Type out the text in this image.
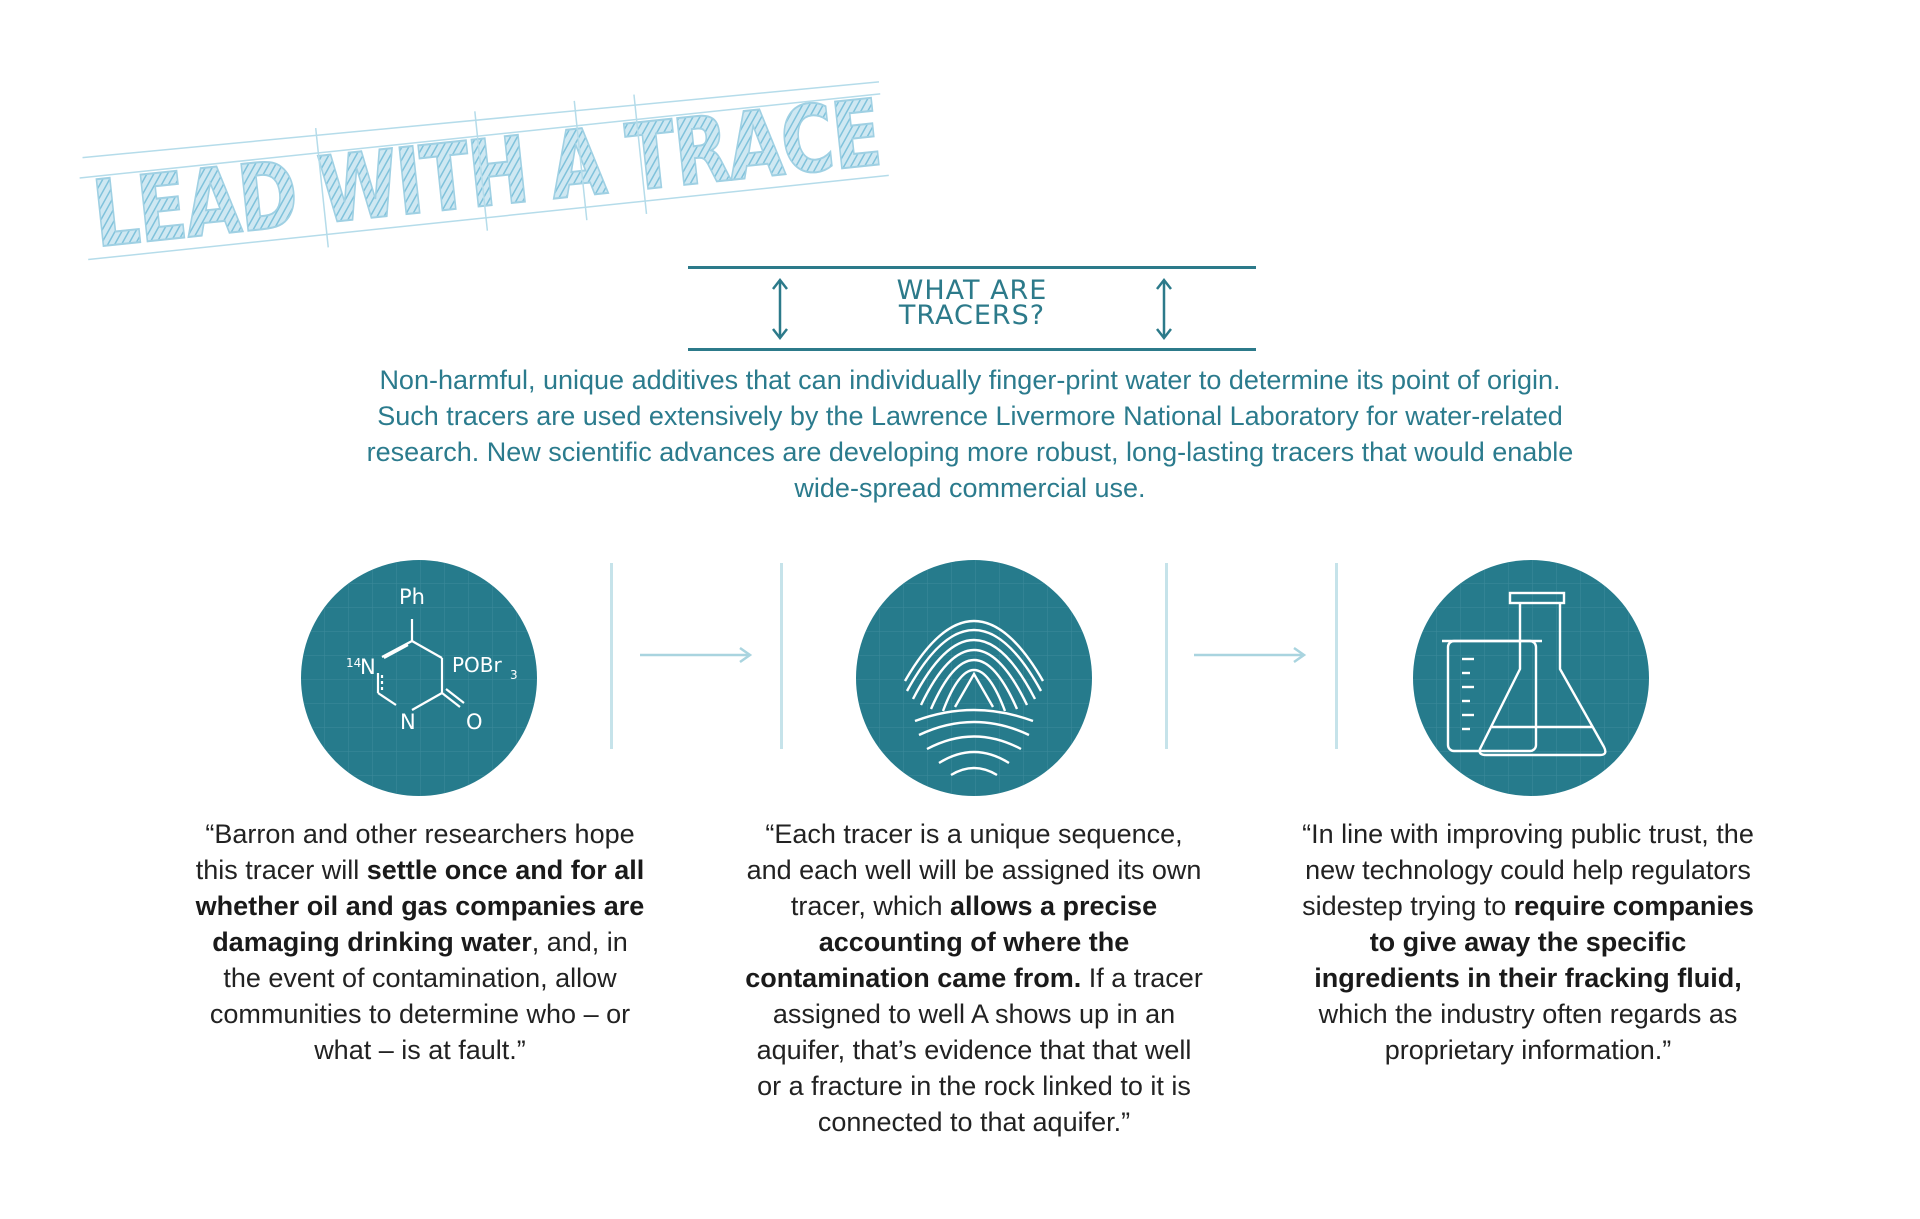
LEAD WITH A TRACE
WHAT ARE
TRACERS?
Non-harmful, unique additives that can individually finger-print water to determine its point of origin.
Such tracers are used extensively by the Lawrence Livermore National Laboratory for water-related
research. New scientific advances are developing more robust, long-lasting tracers that would enable
wide-spread commercial use.
Ph
14
N	POBr 3
N O
“Barron and other researchers hope this tracer will settle once and for all whether oil and gas companies are damaging drinking water, and, in the event of contamination, allow communities to determine who – or what – is at fault.”
“Each tracer is a unique sequence, and each well will be assigned its own tracer, which allows a precise accounting of where the contamination came from. If a tracer assigned to well A shows up in an aquifer, that’s evidence that that well or a fracture in the rock linked to it is connected to that aquifer.”
“In line with improving public trust, the new technology could help regulators sidestep trying to require companies to give away the specific ingredients in their fracking fluid, which the industry often regards as proprietary information.”
